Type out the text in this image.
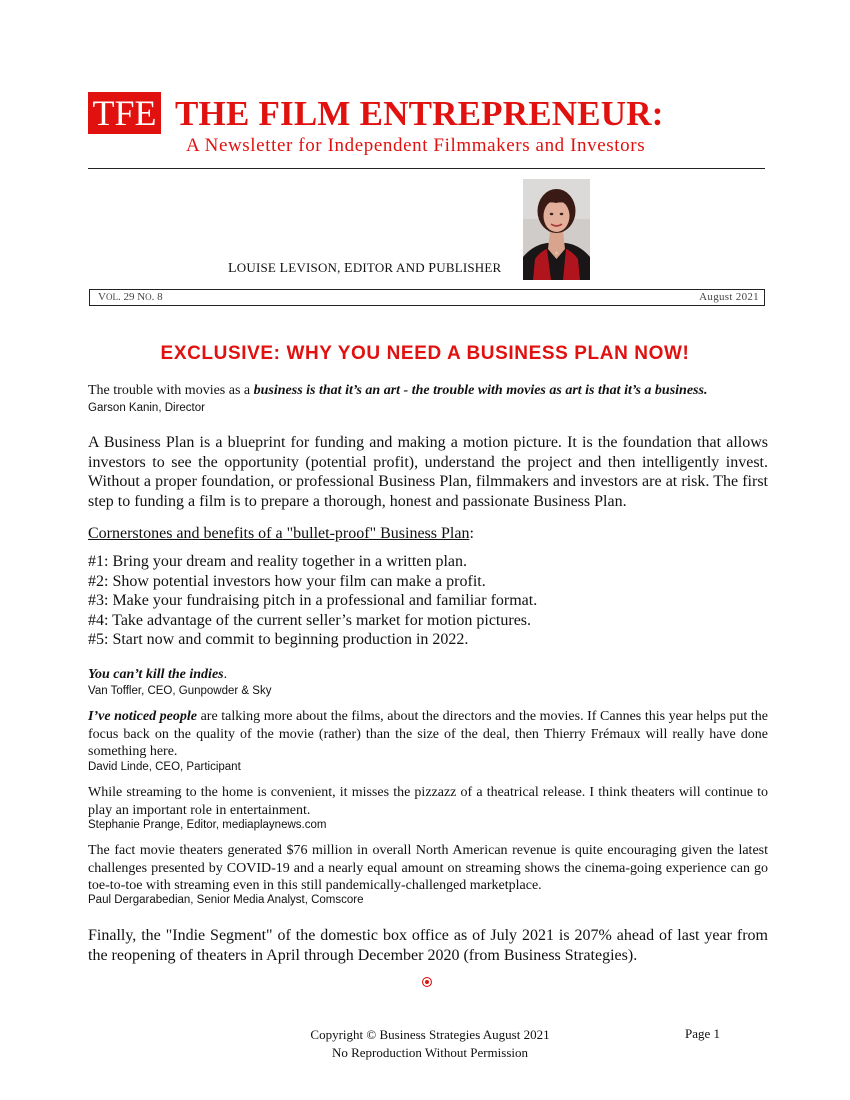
TFE THE FILM ENTREPRENEUR:
A Newsletter for Independent Filmmakers and Investors
LOUISE LEVISON, EDITOR AND PUBLISHER
VOL. 29 NO. 8	August 2021
EXCLUSIVE: WHY YOU NEED A BUSINESS PLAN NOW!
The trouble with movies as a business is that it’s an art - the trouble with movies as art is that it’s a business.
Garson Kanin, Director
A Business Plan is a blueprint for funding and making a motion picture. It is the foundation that allows investors to see the opportunity (potential profit), understand the project and then intelligently invest. Without a proper foundation, or professional Business Plan, filmmakers and investors are at risk. The first step to funding a film is to prepare a thorough, honest and passionate Business Plan.
Cornerstones and benefits of a "bullet-proof" Business Plan:
#1: Bring your dream and reality together in a written plan.
#2: Show potential investors how your film can make a profit.
#3: Make your fundraising pitch in a professional and familiar format.
#4: Take advantage of the current seller’s market for motion pictures.
#5: Start now and commit to beginning production in 2022.
You can’t kill the indies.
Van Toffler, CEO, Gunpowder & Sky
I’ve noticed people are talking more about the films, about the directors and the movies. If Cannes this year helps put the focus back on the quality of the movie (rather) than the size of the deal, then Thierry Frémaux will really have done something here.
David Linde, CEO, Participant
While streaming to the home is convenient, it misses the pizzazz of a theatrical release. I think theaters will continue to play an important role in entertainment.
Stephanie Prange, Editor, mediaplaynews.com
The fact movie theaters generated $76 million in overall North American revenue is quite encouraging given the latest challenges presented by COVID-19 and a nearly equal amount on streaming shows the cinema-going experience can go toe-to-toe with streaming even in this still pandemically-challenged marketplace.
Paul Dergarabedian, Senior Media Analyst, Comscore
Finally, the "Indie Segment" of the domestic box office as of July 2021 is 207% ahead of last year from the reopening of theaters in April through December 2020 (from Business Strategies).
Copyright © Business Strategies August 2021
No Reproduction Without Permission
Page 1
